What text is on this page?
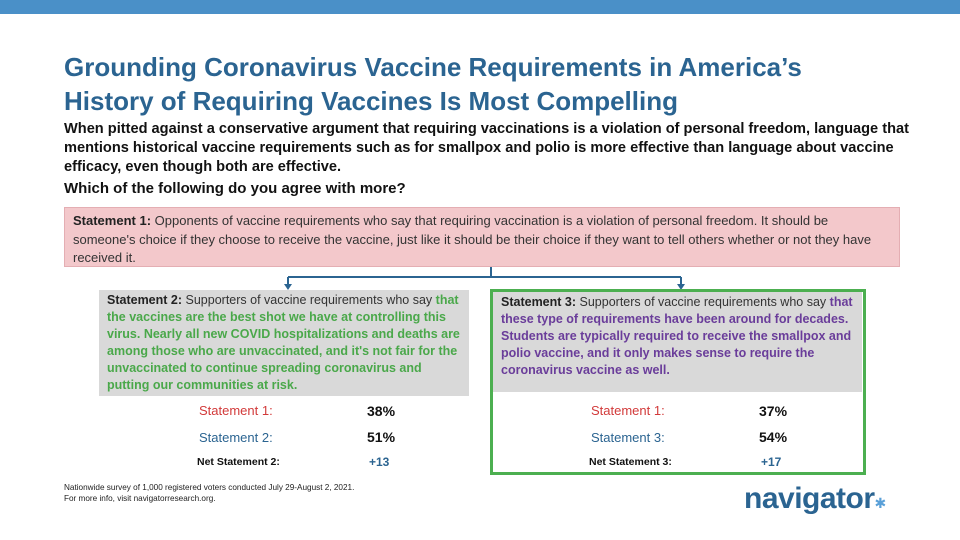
Grounding Coronavirus Vaccine Requirements in America’s
History of Requiring Vaccines Is Most Compelling
When pitted against a conservative argument that requiring vaccinations is a violation of personal freedom, language that mentions historical vaccine requirements such as for smallpox and polio is more effective than language about vaccine efficacy, even though both are effective.
Which of the following do you agree with more?
Statement 1: Opponents of vaccine requirements who say that requiring vaccination is a violation of personal freedom. It should be someone's choice if they choose to receive the vaccine, just like it should be their choice if they want to tell others whether or not they have received it.
Statement 2: Supporters of vaccine requirements who say that the vaccines are the best shot we have at controlling this virus. Nearly all new COVID hospitalizations and deaths are among those who are unvaccinated, and it's not fair for the unvaccinated to continue spreading coronavirus and putting our communities at risk.
Statement 1:	38%
Statement 2:	51%
Net Statement 2:	+13
Statement 3: Supporters of vaccine requirements who say that these type of requirements have been around for decades. Students are typically required to receive the smallpox and polio vaccine, and it only makes sense to require the coronavirus vaccine as well.
Statement 1:	37%
Statement 3:	54%
Net Statement 3:	+17
Nationwide survey of 1,000 registered voters conducted July 29-August 2, 2021.
For more info, visit navigatorresearch.org.	navigator✱
